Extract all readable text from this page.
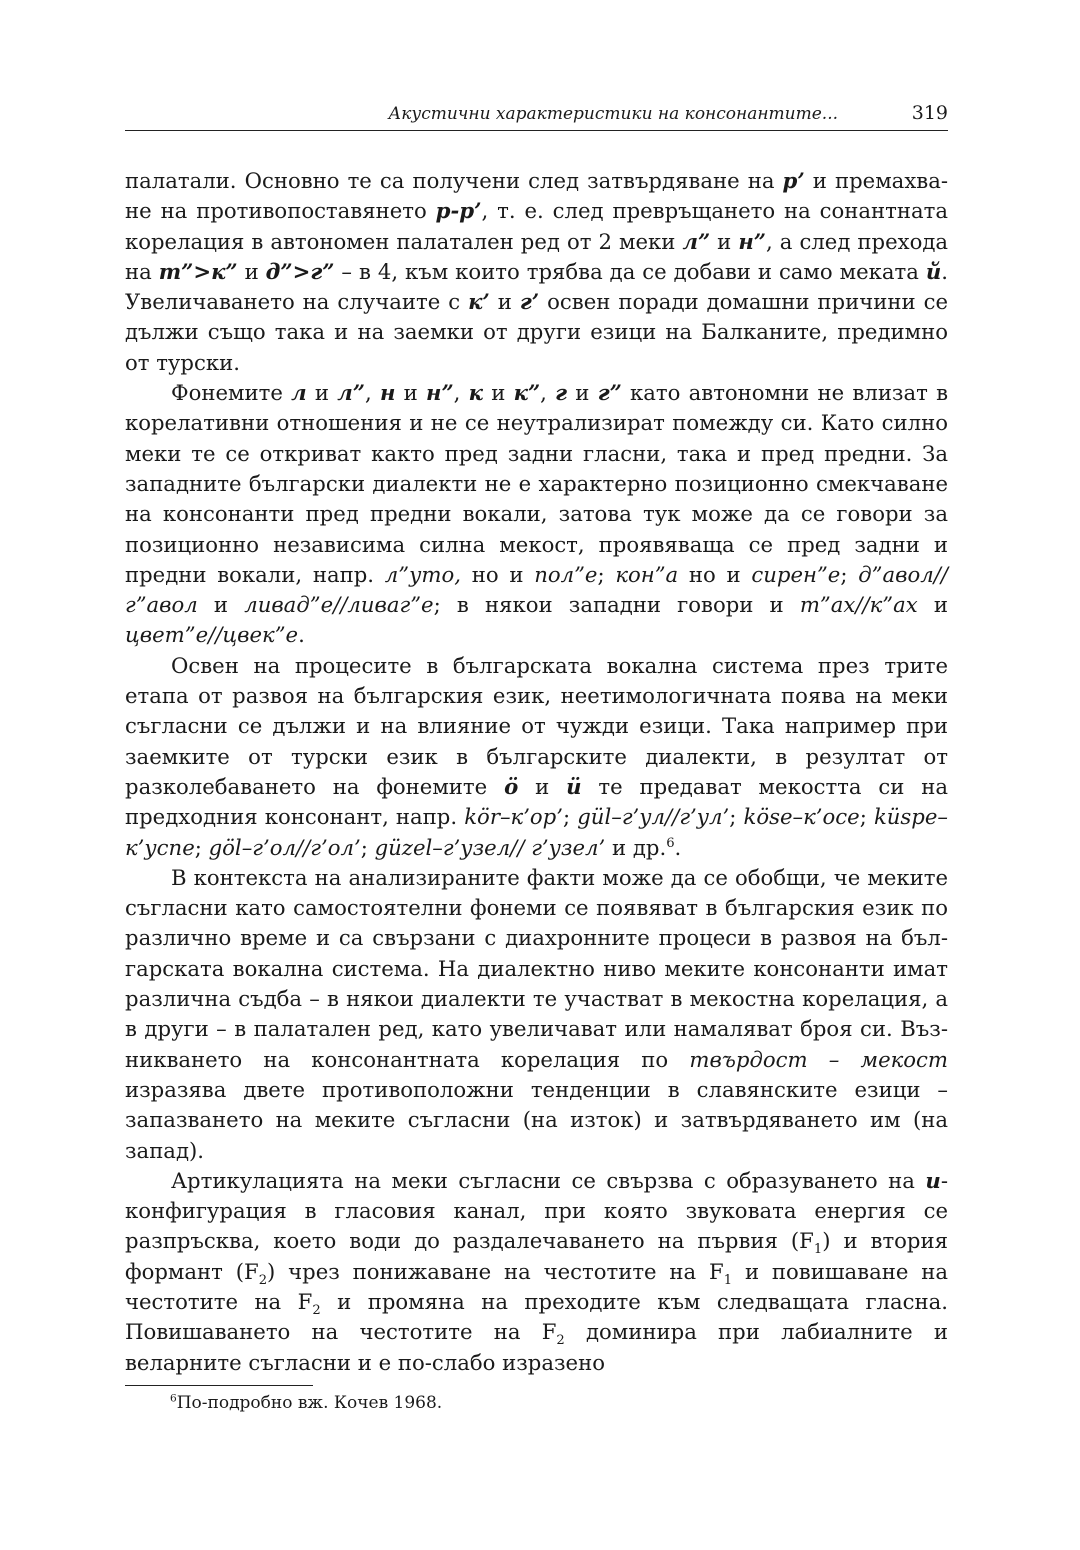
Акустични характеристики на консонантите...	319

палатали. Основно те са получени след затвърдяване на р’ и премахване на противопоставянето р-р’, т. е. след превръщането на сонантната корелация в автономен палатален ред от 2 меки л” и н”, а след прехода на т”>к” и д”>г” – в 4, към които трябва да се добави и само меката й. Увеличаването на случаите с к’ и г’ освен поради домашни причини се дължи също така и на заемки от други езици на Балканите, предимно от турски.

Фонемите л и л”, н и н”, к и к”, г и г” като автономни не влизат в корелативни отношения и не се неутрализират помежду си. Като силно меки те се откриват както пред задни гласни, така и пред предни. За западните български диалекти не е характерно позиционно смекчаване на консонанти пред предни вокали, затова тук може да се говори за позиционно независима силна мекост, проявяваща се пред задни и предни вокали, напр. л”уто, но и пол”е; кон”а но и сирен”е; д”авол//г”авол и ливад”е//ливаг”е; в някои западни говори и т”ах//к”ах и цвет”е//цвек”е.

Освен на процесите в българската вокална система през трите етапа от развоя на българския език, неетимологичната поява на меки съгласни се дължи и на влияние от чужди езици. Така например при заемките от турски език в българските диалекти, в резултат от разколебаването на фонемите ö и ü те предават мекостта си на предходния консонант, напр. kör–к’ор’; gül–г’ул//г’ул’; köse–к’осе; küspe–к’успе; göl–г’ол//г’ол’; güzel–г’узел// г’узел’ и др.$^6$.

В контекста на анализираните факти може да се обобщи, че меките съгласни като самостоятелни фонеми се появяват в българския език по различно време и са свързани с диахронните процеси в развоя на българската вокална система. На диалектно ниво меките консонанти имат различна съдба – в някои диалекти те участват в мекостна корелация, а в други – в палатален ред, като увеличават или намаляват броя си. Възникването на консонантната корелация по твърдост – мекост изразява двете противоположни тенденции в славянските езици – запазването на меките съгласни (на изток) и затвърдяването им (на запад).

Артикулацията на меки съгласни се свързва с образуването на и-конфигурация в гласовия канал, при която звуковата енергия се разпръсква, което води до раздалечаването на първия $(F_1)$ и втория формант $(F_2)$ чрез понижаване на честотите на $F_1$ и повишаване на честотите на $F_2$ и промяна на преходите към следващата гласна. Повишаването на честотите на $F_2$ доминира при лабиалните и веларните съгласни и е по-слабо изразено

$^6$По-подробно вж. Кочев 1968.
